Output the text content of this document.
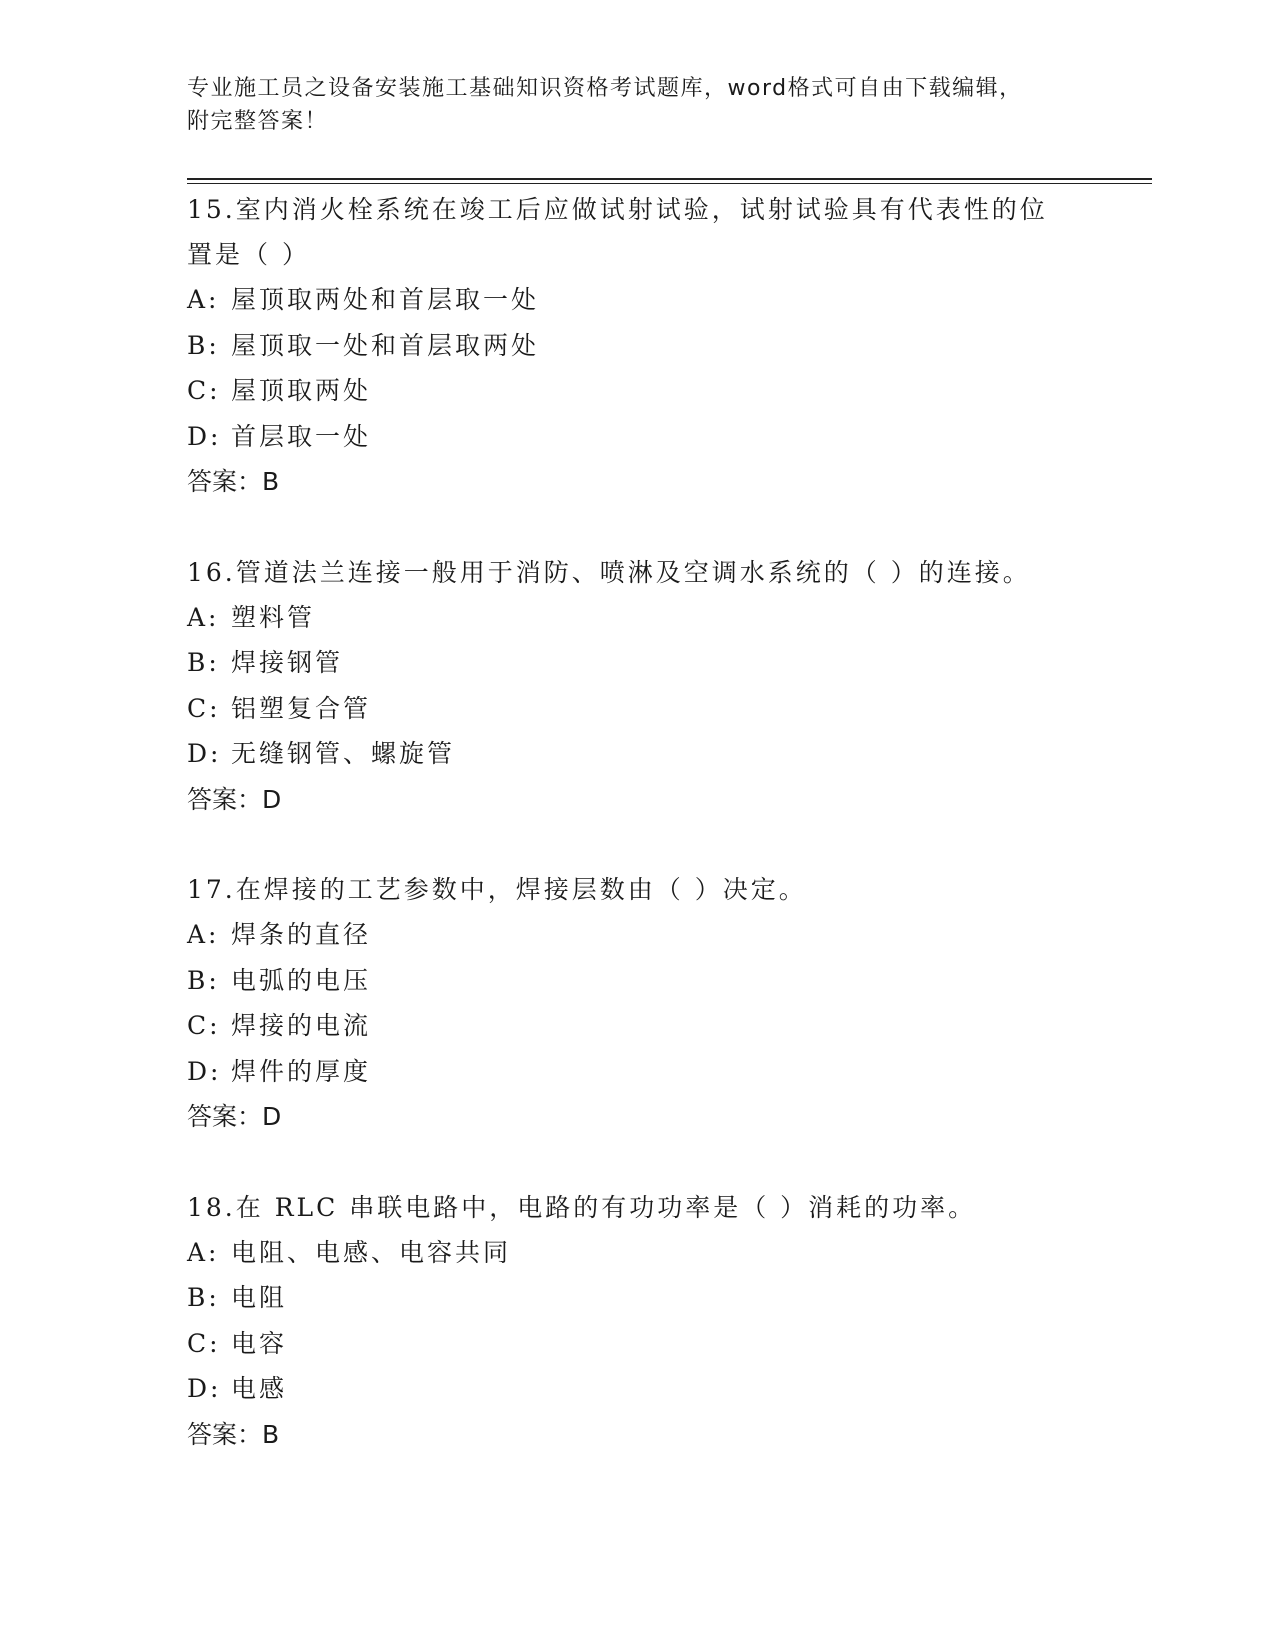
专业施工员之设备安装施工基础知识资格考试题库，word格式可自由下载编辑，
附完整答案！
15.室内消火栓系统在竣工后应做试射试验，试射试验具有代表性的位
置是（ ）
A: 屋顶取两处和首层取一处
B: 屋顶取一处和首层取两处
C: 屋顶取两处
D: 首层取一处
答案：B
16.管道法兰连接一般用于消防、喷淋及空调水系统的（ ）的连接。
A: 塑料管
B: 焊接钢管
C: 铝塑复合管
D: 无缝钢管、螺旋管
答案：D
17.在焊接的工艺参数中，焊接层数由（ ）决定。
A: 焊条的直径
B: 电弧的电压
C: 焊接的电流
D: 焊件的厚度
答案：D
18.在 RLC 串联电路中，电路的有功功率是（ ）消耗的功率。
A: 电阻、电感、电容共同
B: 电阻
C: 电容
D: 电感
答案：B
